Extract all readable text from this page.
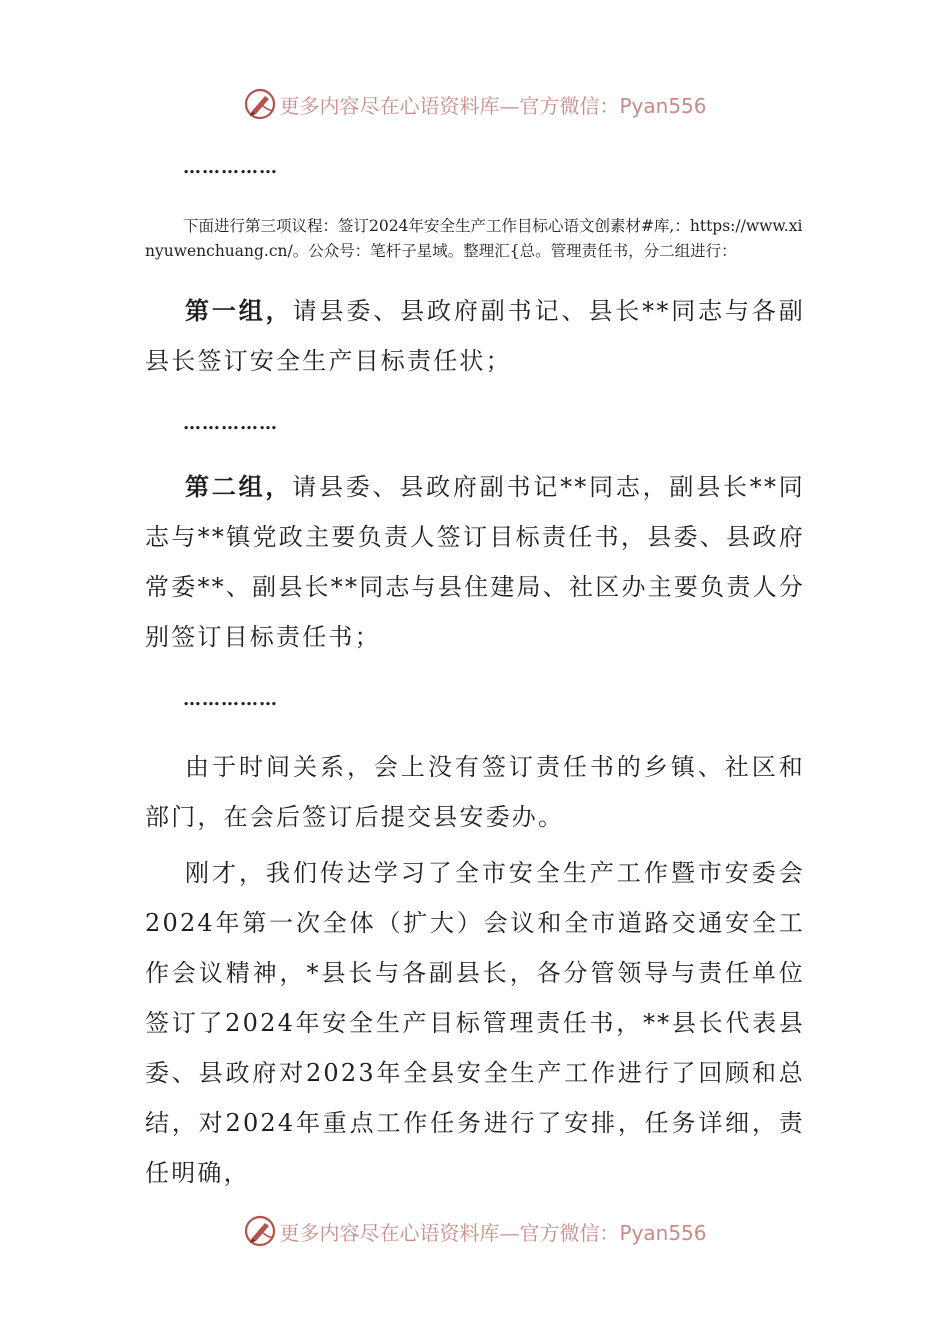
更多内容尽在心语资料库—官方微信：Pyan556
……………

下面进行第三项议程：签订2024年安全生产工作目标心语文创素材#库,：https://www.xinyuwenchuang.cn/。公众号：笔杆子星域。整理汇{总。管理责任书，分二组进行：

第一组，请县委、县政府副书记、县长**同志与各副县长签订安全生产目标责任状；

……………

第二组，请县委、县政府副书记**同志，副县长**同志与**镇党政主要负责人签订目标责任书，县委、县政府常委**、副县长**同志与县住建局、社区办主要负责人分别签订目标责任书；

……………

由于时间关系，会上没有签订责任书的乡镇、社区和部门，在会后签订后提交县安委办。

刚才，我们传达学习了全市安全生产工作暨市安委会2024年第一次全体（扩大）会议和全市道路交通安全工作会议精神，*县长与各副县长，各分管领导与责任单位签订了2024年安全生产目标管理责任书，**县长代表县委、县政府对2023年全县安全生产工作进行了回顾和总结，对2024年重点工作任务进行了安排，任务详细，责任明确，

更多内容尽在心语资料库—官方微信：Pyan556
